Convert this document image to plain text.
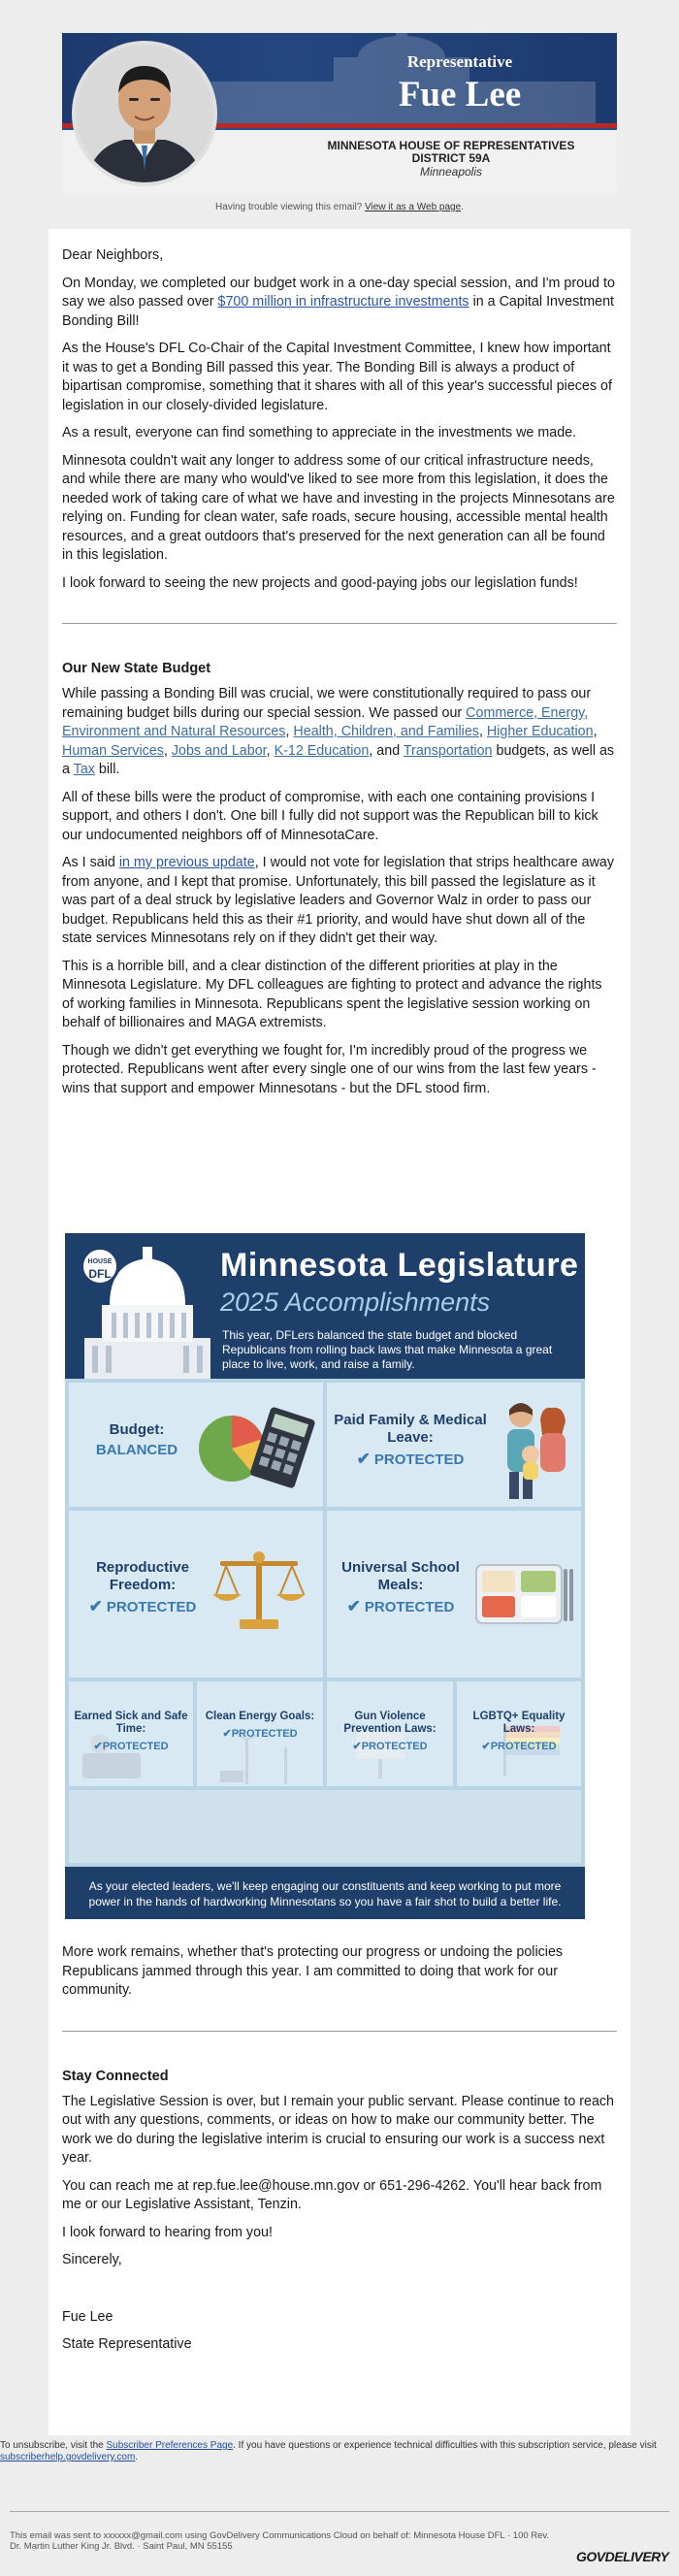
Representative
Fue Lee
MINNESOTA HOUSE OF REPRESENTATIVES
DISTRICT 59A
Minneapolis
Having trouble viewing this email? View it as a Web page.

Dear Neighbors,

On Monday, we completed our budget work in a one-day special session, and I'm proud to say we also passed over $700 million in infrastructure investments in a Capital Investment Bonding Bill!

As the House's DFL Co-Chair of the Capital Investment Committee, I knew how important it was to get a Bonding Bill passed this year. The Bonding Bill is always a product of bipartisan compromise, something that it shares with all of this year's successful pieces of legislation in our closely-divided legislature.

As a result, everyone can find something to appreciate in the investments we made.

Minnesota couldn't wait any longer to address some of our critical infrastructure needs, and while there are many who would've liked to see more from this legislation, it does the needed work of taking care of what we have and investing in the projects Minnesotans are relying on. Funding for clean water, safe roads, secure housing, accessible mental health resources, and a great outdoors that's preserved for the next generation can all be found in this legislation.

I look forward to seeing the new projects and good-paying jobs our legislation funds!

Our New State Budget

While passing a Bonding Bill was crucial, we were constitutionally required to pass our remaining budget bills during our special session. We passed our Commerce, Energy, Environment and Natural Resources, Health, Children, and Families, Higher Education, Human Services, Jobs and Labor, K-12 Education, and Transportation budgets, as well as a Tax bill.

All of these bills were the product of compromise, with each one containing provisions I support, and others I don't. One bill I fully did not support was the Republican bill to kick our undocumented neighbors off of MinnesotaCare.

As I said in my previous update, I would not vote for legislation that strips healthcare away from anyone, and I kept that promise. Unfortunately, this bill passed the legislature as it was part of a deal struck by legislative leaders and Governor Walz in order to pass our budget. Republicans held this as their #1 priority, and would have shut down all of the state services Minnesotans rely on if they didn't get their way.

This is a horrible bill, and a clear distinction of the different priorities at play in the Minnesota Legislature. My DFL colleagues are fighting to protect and advance the rights of working families in Minnesota. Republicans spent the legislative session working on behalf of billionaires and MAGA extremists.

Though we didn't get everything we fought for, I'm incredibly proud of the progress we protected. Republicans went after every single one of our wins from the last few years - wins that support and empower Minnesotans - but the DFL stood firm.

HOUSE
DFL	Minnesota Legislature
2025 Accomplishments
This year, DFLers balanced the state budget and blocked Republicans from rolling back laws that make Minnesota a great place to live, work, and raise a family.
Budget:
BALANCED
Paid Family & Medical Leave:
✔ PROTECTED
Reproductive Freedom:
✔ PROTECTED
Universal School Meals:
✔ PROTECTED
Earned Sick and Safe Time:
✔PROTECTED
Clean Energy Goals:
✔PROTECTED
Gun Violence Prevention Laws:
✔PROTECTED
LGBTQ+ Equality Laws:
✔PROTECTED
As your elected leaders, we'll keep engaging our constituents and keep working to put more power in the hands of hardworking Minnesotans so you have a fair shot to build a better life.

More work remains, whether that's protecting our progress or undoing the policies Republicans jammed through this year. I am committed to doing that work for our community.

Stay Connected

The Legislative Session is over, but I remain your public servant. Please continue to reach out with any questions, comments, or ideas on how to make our community better. The work we do during the legislative interim is crucial to ensuring our work is a success next year.

You can reach me at rep.fue.lee@house.mn.gov or 651-296-4262. You'll hear back from me or our Legislative Assistant, Tenzin.

I look forward to hearing from you!

Sincerely,

Fue Lee

State Representative

To unsubscribe, visit the Subscriber Preferences Page. If you have questions or experience technical difficulties with this subscription service, please visit subscriberhelp.govdelivery.com.
This email was sent to xxxxxx@gmail.com using GovDelivery Communications Cloud on behalf of: Minnesota House DFL · 100 Rev. Dr. Martin Luther King Jr. Blvd. · Saint Paul, MN 55155
GOVDELIVERY
